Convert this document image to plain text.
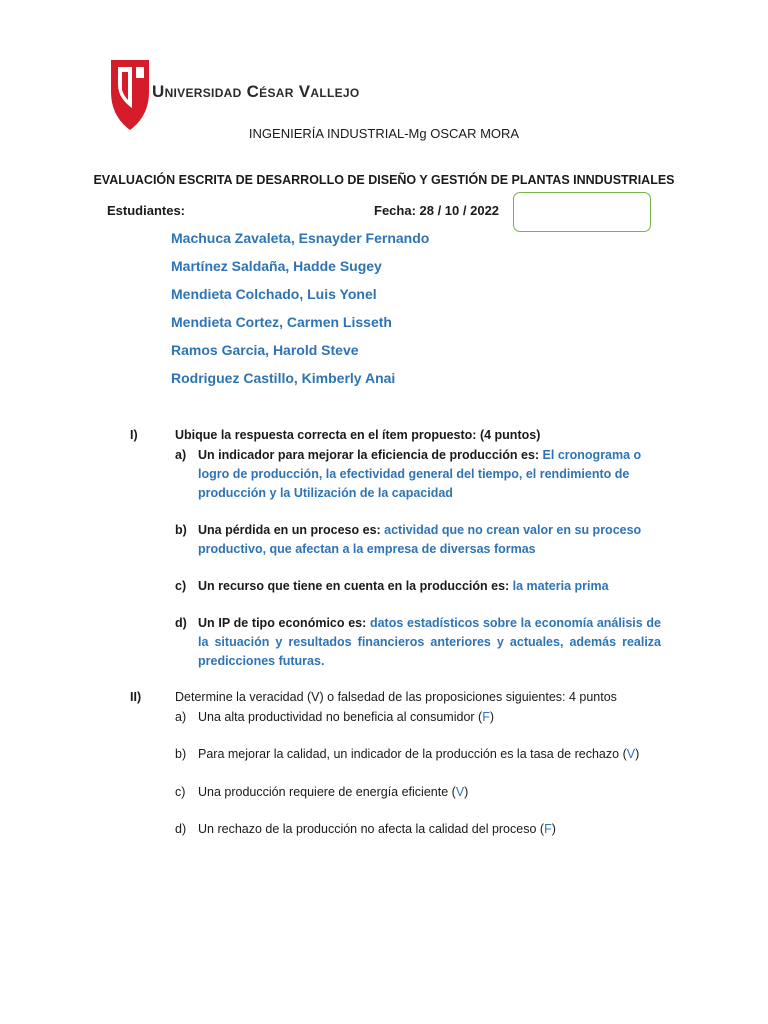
Universidad César Vallejo
INGENIERÍA INDUSTRIAL-Mg OSCAR MORA
EVALUACIÓN ESCRITA DE DESARROLLO DE DISEÑO Y GESTIÓN DE PLANTAS INNDUSTRIALES
Estudiantes:	Fecha: 28 / 10 / 2022
Machuca Zavaleta, Esnayder Fernando
Martínez Saldaña, Hadde Sugey
Mendieta Colchado, Luis Yonel
Mendieta Cortez, Carmen Lisseth
Ramos Garcia, Harold Steve
Rodriguez Castillo, Kimberly Anai
I)	Ubique la respuesta correcta en el ítem propuesto: (4 puntos)
a) Un indicador para mejorar la eficiencia de producción es: El cronograma o logro de producción, la efectividad general del tiempo, el rendimiento de producción y la Utilización de la capacidad
b) Una pérdida en un proceso es: actividad que no crean valor en su proceso productivo, que afectan a la empresa de diversas formas
c) Un recurso que tiene en cuenta en la producción es: la materia prima
d) Un IP de tipo económico es: datos estadísticos sobre la economía análisis de la situación y resultados financieros anteriores y actuales, además realiza predicciones futuras.
II)	Determine la veracidad (V) o falsedad de las proposiciones siguientes: 4 puntos
a) Una alta productividad no beneficia al consumidor (F)
b) Para mejorar la calidad, un indicador de la producción es la tasa de rechazo (V)
c)	Una producción requiere de energía eficiente (V)
d) Un rechazo de la producción no afecta la calidad del proceso (F)
